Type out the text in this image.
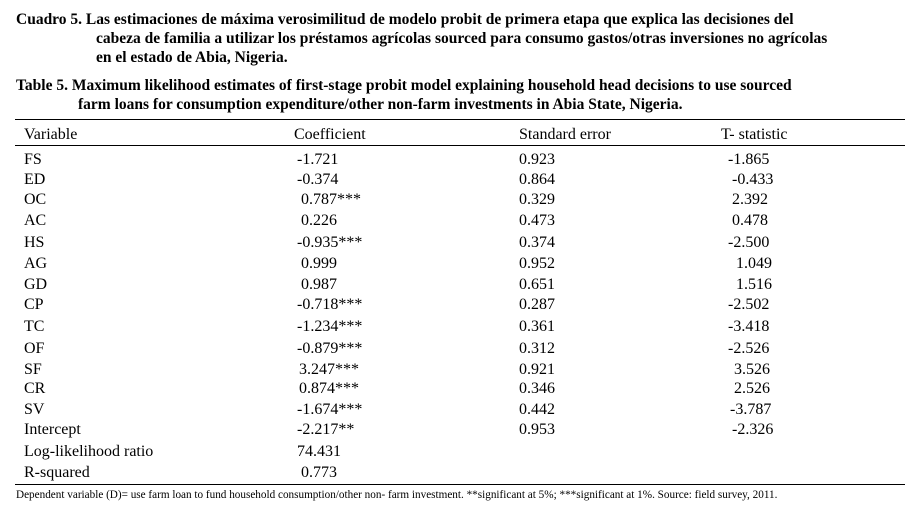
Cuadro 5. Las estimaciones de máxima verosimilitud de modelo probit de primera etapa que explica las decisiones del
cabeza de familia a utilizar los préstamos agrícolas sourced para consumo gastos/otras inversiones no agrícolas
en el estado de Abia, Nigeria.
Table 5. Maximum likelihood estimates of first-stage probit model explaining household head decisions to use sourced
farm loans for consumption expenditure/other non-farm investments in Abia State, Nigeria.
Variable	Coefficient	Standard error	T- statistic
FS	-1.721	0.923	-1.865
ED	-0.374	0.864	-0.433
OC	0.787***	0.329	2.392
AC	0.226	0.473	0.478
HS	-0.935***	0.374	-2.500
AG	0.999	0.952	1.049
GD	0.987	0.651	1.516
CP	-0.718***	0.287	-2.502
TC	-1.234***	0.361	-3.418
OF	-0.879***	0.312	-2.526
SF	3.247***	0.921	3.526
CR	0.874***	0.346	2.526
SV	-1.674***	0.442	-3.787
Intercept	-2.217**	0.953	-2.326
Log-likelihood ratio	74.431
R-squared	0.773
Dependent variable (D)= use farm loan to fund household consumption/other non- farm investment. **significant at 5%; ***significant at 1%. Source: field survey, 2011.
